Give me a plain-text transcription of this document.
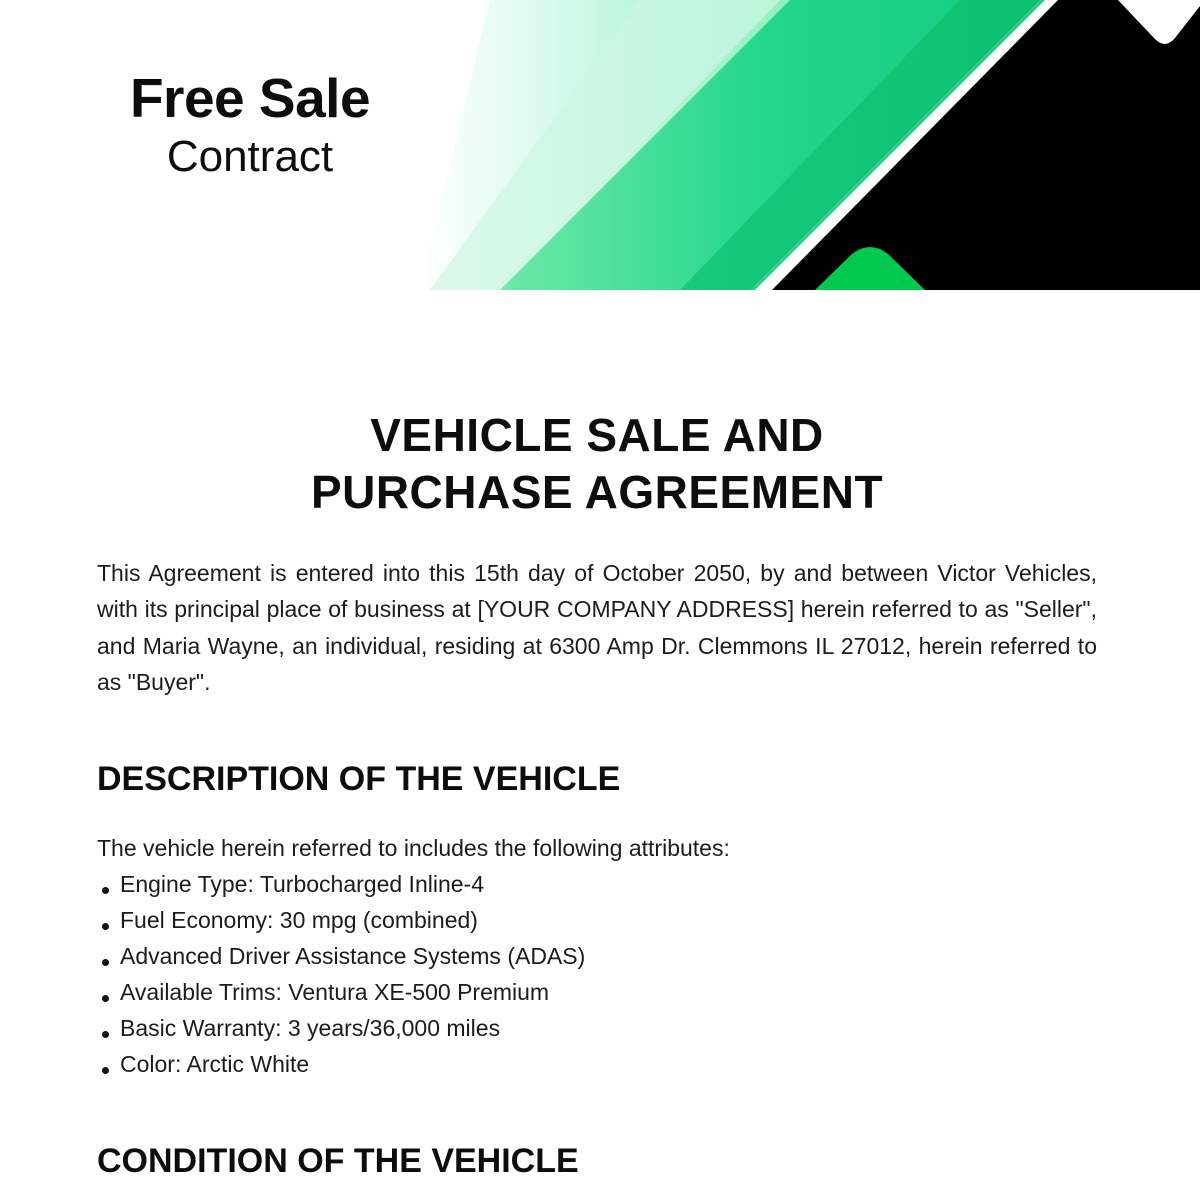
Free Sale
Contract
VEHICLE SALE AND
PURCHASE AGREEMENT

This Agreement is entered into this 15th day of October 2050, by and between Victor Vehicles, with its principal place of business at [YOUR COMPANY ADDRESS] herein referred to as "Seller", and Maria Wayne, an individual, residing at 6300 Amp Dr. Clemmons IL 27012, herein referred to as "Buyer".

DESCRIPTION OF THE VEHICLE

The vehicle herein referred to includes the following attributes:

Engine Type: Turbocharged Inline-4
Fuel Economy: 30 mpg (combined)
Advanced Driver Assistance Systems (ADAS)
Available Trims: Ventura XE-500 Premium
Basic Warranty: 3 years/36,000 miles
Color: Arctic White
CONDITION OF THE VEHICLE
